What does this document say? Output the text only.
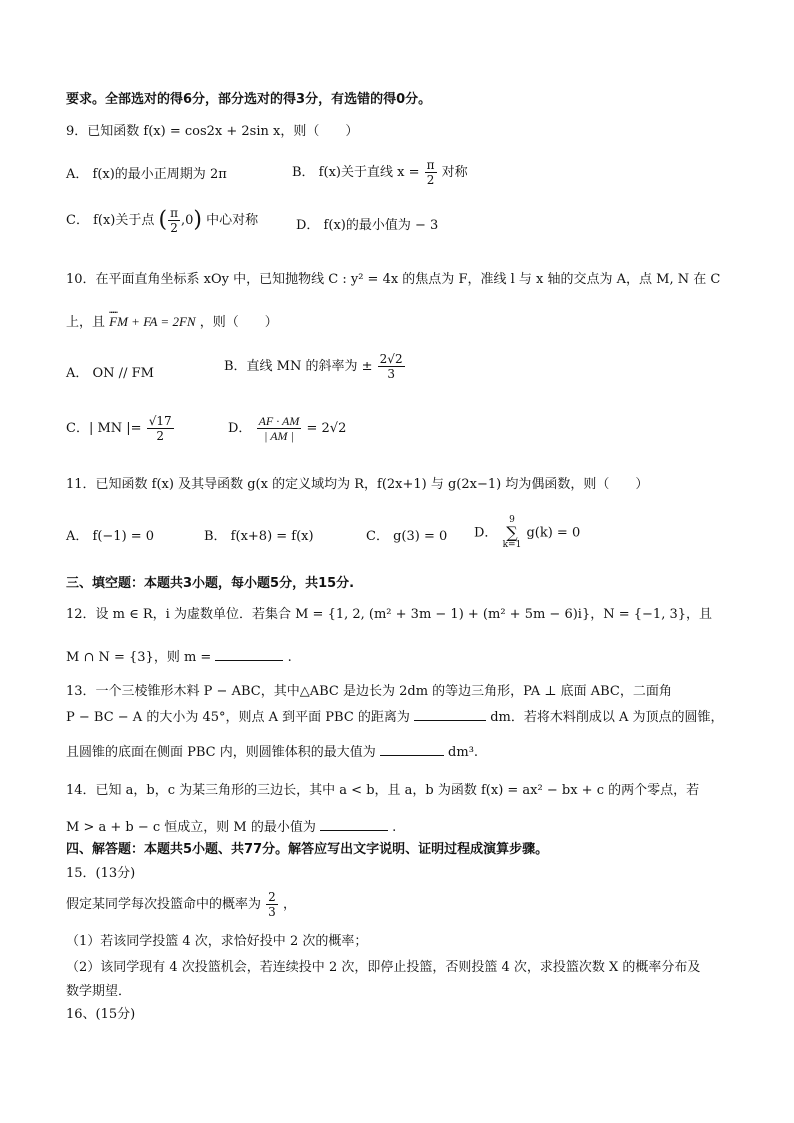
要求。全部选对的得6分，部分选对的得3分，有选错的得0分。
9．已知函数 f(x) = cos2x + 2sin x，则（　　）
A． f(x)的最小正周期为 2π	B． f(x)关于直线 $x = \frac{\pi}{2}$ 对称
C． f(x)关于点 ( $\frac{\pi}{2} ,0$) 中心对称	D． f(x)的最小值为 − 3
10．在平面直角坐标系 xOy 中，已知抛物线 C : y² = 4x 的焦点为 F，准线 l 与 x 轴的交点为 A，点 M, N 在 C
上，且 ┅┅ FM + FA = 2FN ，则（　　）
A． ON // FM	B．直线 MN 的斜率为 ± $\frac{2√2}{3}$
C．| MN |= $\frac{√17}{2}$	D． $\frac{AF \cdot AM}{| AM |} = 2√2$
11．已知函数 f(x) 及其导函数 g(x 的定义域均为 R，f(2x+1) 与 g(2x−1) 均为偶函数，则（　　）
A． f(−1) = 0	B． f(x+8) = f(x)	C． g(3) = 0 D．
9
∑
k=1
g(k) = 0
三、填空题：本题共3小题，每小题5分，共15分.
12．设 m ∈ R，i 为虚数单位．若集合 M = {1, 2, (m² + 3m − 1) + (m² + 5m − 6)i}，N = {−1, 3}，且
M ∩ N = {3}，则 m =	.
13．一个三棱锥形木料 P − ABC，其中△ABC 是边长为 2dm 的等边三角形，PA ⊥ 底面 ABC，二面角
P − BC − A 的大小为 45°，则点 A 到平面 PBC 的距离为	dm．若将木料削成以 A 为顶点的圆锥，
且圆锥的底面在侧面 PBC 内，则圆锥体积的最大值为	dm³.
14．已知 a，b，c 为某三角形的三边长，其中 a < b，且 a，b 为函数 f(x) = ax² − bx + c 的两个零点，若
M > a + b − c 恒成立，则 M 的最小值为	.
四、解答题：本题共5小题、共77分。解答应写出文字说明、证明过程成演算步骤。
15．(13分)
假定某同学每次投篮命中的概率为 $\frac{2}{3}$ ，
（1）若该同学投篮 4 次，求恰好投中 2 次的概率；
（2）该同学现有 4 次投篮机会，若连续投中 2 次，即停止投篮，否则投篮 4 次，求投篮次数 X 的概率分布及
数学期望．
16、(15分)
